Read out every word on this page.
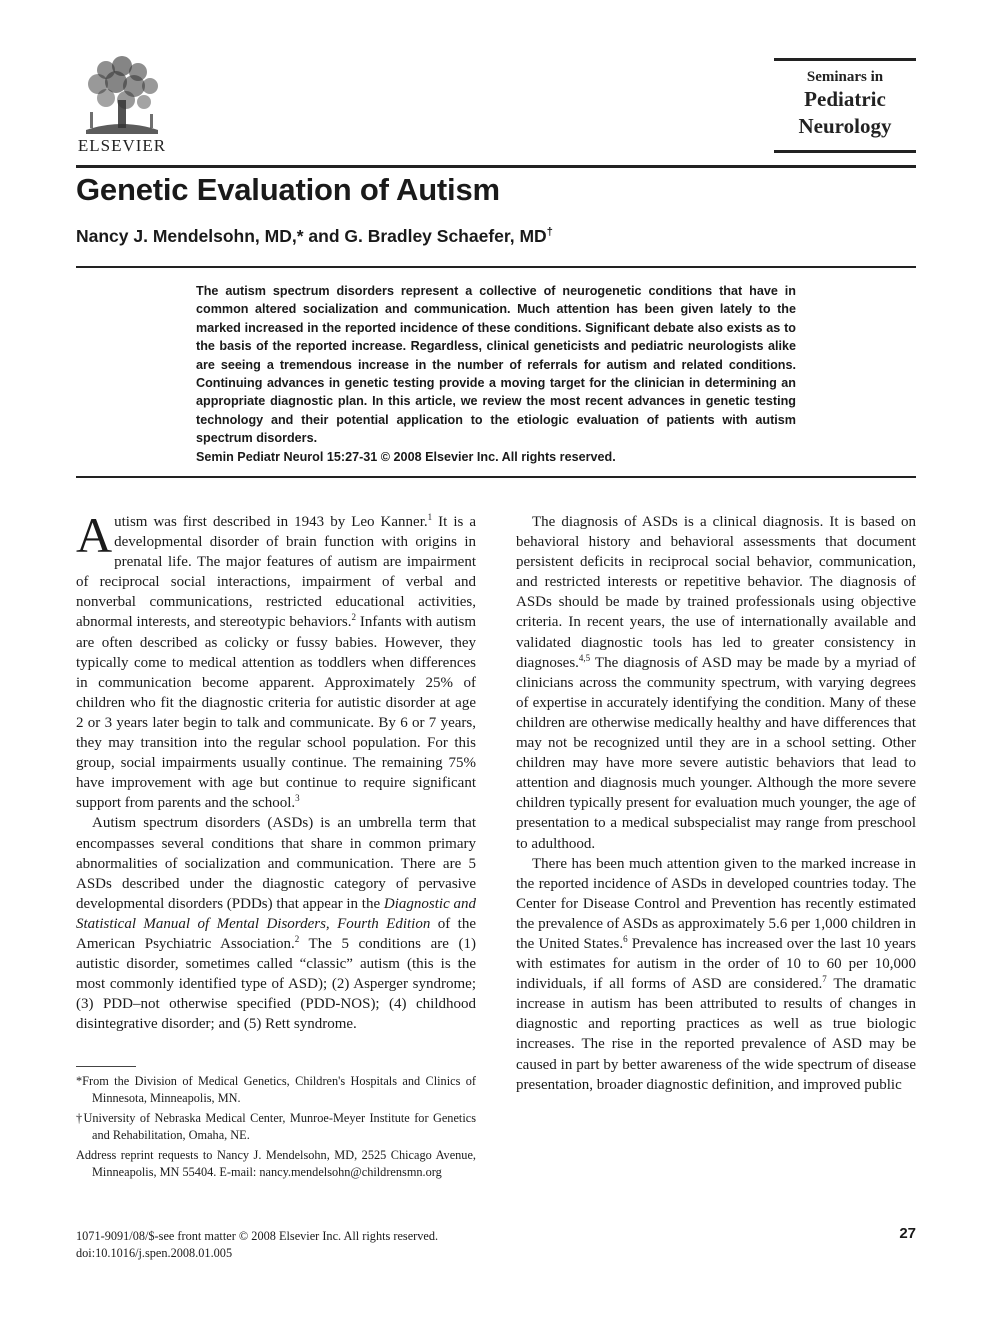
ELSEVIER
Seminars in
Pediatric
Neurology
Genetic Evaluation of Autism
Nancy J. Mendelsohn, MD,* and G. Bradley Schaefer, MD†
The autism spectrum disorders represent a collective of neurogenetic conditions that have in common altered socialization and communication. Much attention has been given lately to the marked increased in the reported incidence of these conditions. Significant debate also exists as to the basis of the reported increase. Regardless, clinical geneticists and pediatric neurologists alike are seeing a tremendous increase in the number of referrals for autism and related conditions. Continuing advances in genetic testing provide a moving target for the clinician in determining an appropriate diagnostic plan. In this article, we review the most recent advances in genetic testing technology and their potential application to the etiologic evaluation of patients with autism spectrum disorders.
Semin Pediatr Neurol 15:27-31 © 2008 Elsevier Inc. All rights reserved.

Autism was first described in 1943 by Leo Kanner.$^1$ It is a developmental disorder of brain function with origins in prenatal life. The major features of autism are impairment of reciprocal social interactions, impairment of verbal and nonverbal communications, restricted educational activities, abnormal interests, and stereotypic behaviors.$^2$ Infants with autism are often described as colicky or fussy babies. However, they typically come to medical attention as toddlers when differences in communication become apparent. Approximately 25% of children who fit the diagnostic criteria for autistic disorder at age 2 or 3 years later begin to talk and communicate. By 6 or 7 years, they may transition into the regular school population. For this group, social impairments usually continue. The remaining 75% have improvement with age but continue to require significant support from parents and the school.$^3$

Autism spectrum disorders (ASDs) is an umbrella term that encompasses several conditions that share in common primary abnormalities of socialization and communication. There are 5 ASDs described under the diagnostic category of pervasive developmental disorders (PDDs) that appear in the Diagnostic and Statistical Manual of Mental Disorders, Fourth Edition of the American Psychiatric Association.$^2$ The 5 conditions are (1) autistic disorder, sometimes called “classic” autism (this is the most commonly identified type of ASD); (2) Asperger syndrome; (3) PDD–not otherwise specified (PDD-NOS); (4) childhood disintegrative disorder; and (5) Rett syndrome.

The diagnosis of ASDs is a clinical diagnosis. It is based on behavioral history and behavioral assessments that document persistent deficits in reciprocal social behavior, communication, and restricted interests or repetitive behavior. The diagnosis of ASDs should be made by trained professionals using objective criteria. In recent years, the use of internationally available and validated diagnostic tools has led to greater consistency in diagnoses.$^{4,5}$ The diagnosis of ASD may be made by a myriad of clinicians across the community spectrum, with varying degrees of expertise in accurately identifying the condition. Many of these children are otherwise medically healthy and have differences that may not be recognized until they are in a school setting. Other children may have more severe autistic behaviors that lead to attention and diagnosis much younger. Although the more severe children typically present for evaluation much younger, the age of presentation to a medical subspecialist may range from preschool to adulthood.

There has been much attention given to the marked increase in the reported incidence of ASDs in developed countries today. The Center for Disease Control and Prevention has recently estimated the prevalence of ASDs as approximately 5.6 per 1,000 children in the United States.$^6$ Prevalence has increased over the last 10 years with estimates for autism in the order of 10 to 60 per 10,000 individuals, if all forms of ASD are considered.$^7$ The dramatic increase in autism has been attributed to results of changes in diagnostic and reporting practices as well as true biologic increases. The rise in the reported prevalence of ASD may be caused in part by better awareness of the wide spectrum of disease presentation, broader diagnostic definition, and improved public

*From the Division of Medical Genetics, Children's Hospitals and Clinics of Minnesota, Minneapolis, MN.
†University of Nebraska Medical Center, Munroe-Meyer Institute for Genetics and Rehabilitation, Omaha, NE.
Address reprint requests to Nancy J. Mendelsohn, MD, 2525 Chicago Avenue, Minneapolis, MN 55404. E-mail: nancy.mendelsohn@childrensmn.org
1071-9091/08/$-see front matter © 2008 Elsevier Inc. All rights reserved.
doi:10.1016/j.spen.2008.01.005
27
